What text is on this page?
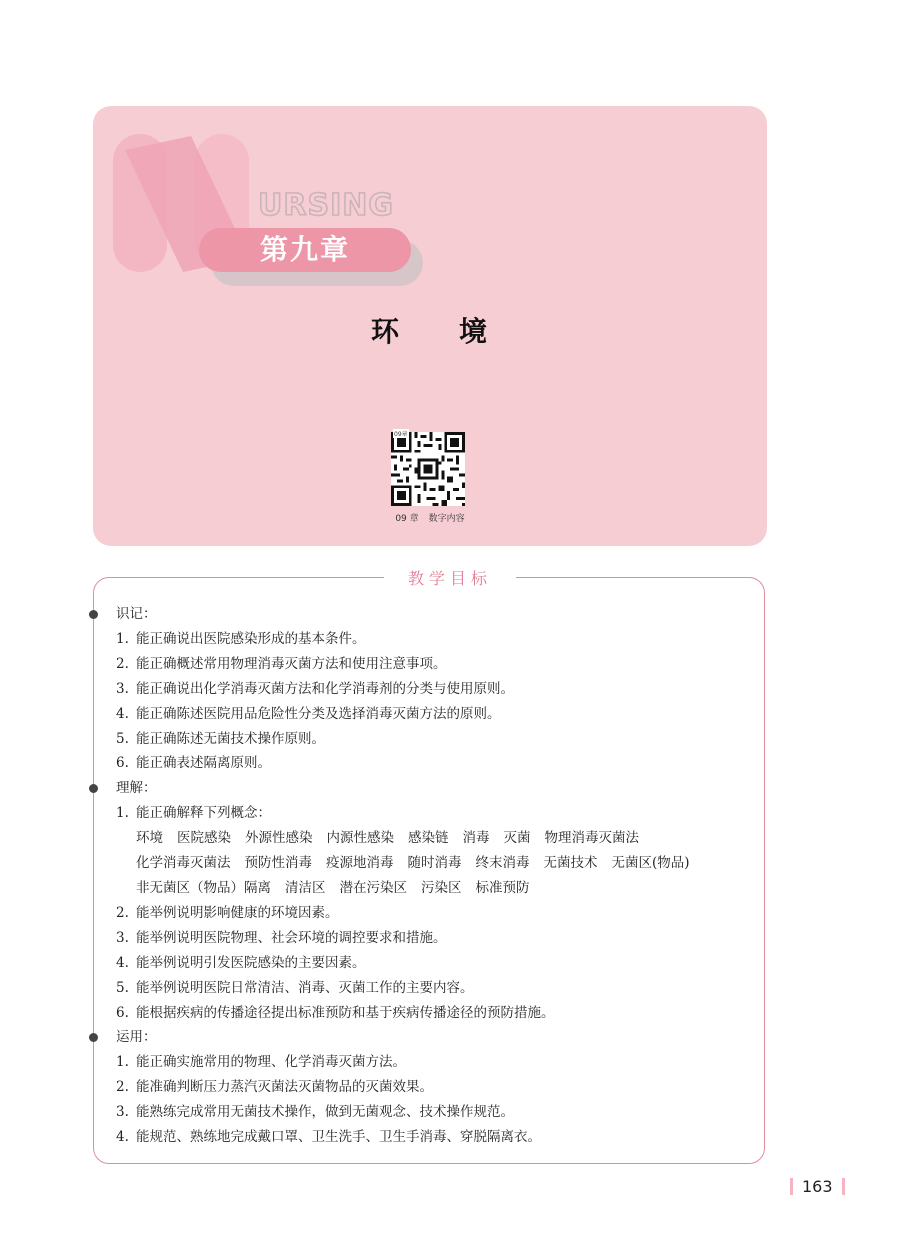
URSING
第九章
环 境
09章
09 章 数字内容
教学目标
识记：
1. 能正确说出医院感染形成的基本条件。
2. 能正确概述常用物理消毒灭菌方法和使用注意事项。
3. 能正确说出化学消毒灭菌方法和化学消毒剂的分类与使用原则。
4. 能正确陈述医院用品危险性分类及选择消毒灭菌方法的原则。
5. 能正确陈述无菌技术操作原则。
6. 能正确表述隔离原则。
理解：
1. 能正确解释下列概念：
环境 医院感染 外源性感染 内源性感染 感染链 消毒 灭菌 物理消毒灭菌法
化学消毒灭菌法 预防性消毒 疫源地消毒 随时消毒 终末消毒 无菌技术 无菌区(物品)
非无菌区（物品）隔离 清洁区 潜在污染区 污染区 标准预防
2. 能举例说明影响健康的环境因素。
3. 能举例说明医院物理、社会环境的调控要求和措施。
4. 能举例说明引发医院感染的主要因素。
5. 能举例说明医院日常清洁、消毒、灭菌工作的主要内容。
6. 能根据疾病的传播途径提出标准预防和基于疾病传播途径的预防措施。
运用：
1. 能正确实施常用的物理、化学消毒灭菌方法。
2. 能准确判断压力蒸汽灭菌法灭菌物品的灭菌效果。
3. 能熟练完成常用无菌技术操作，做到无菌观念、技术操作规范。
4. 能规范、熟练地完成戴口罩、卫生洗手、卫生手消毒、穿脱隔离衣。
163
